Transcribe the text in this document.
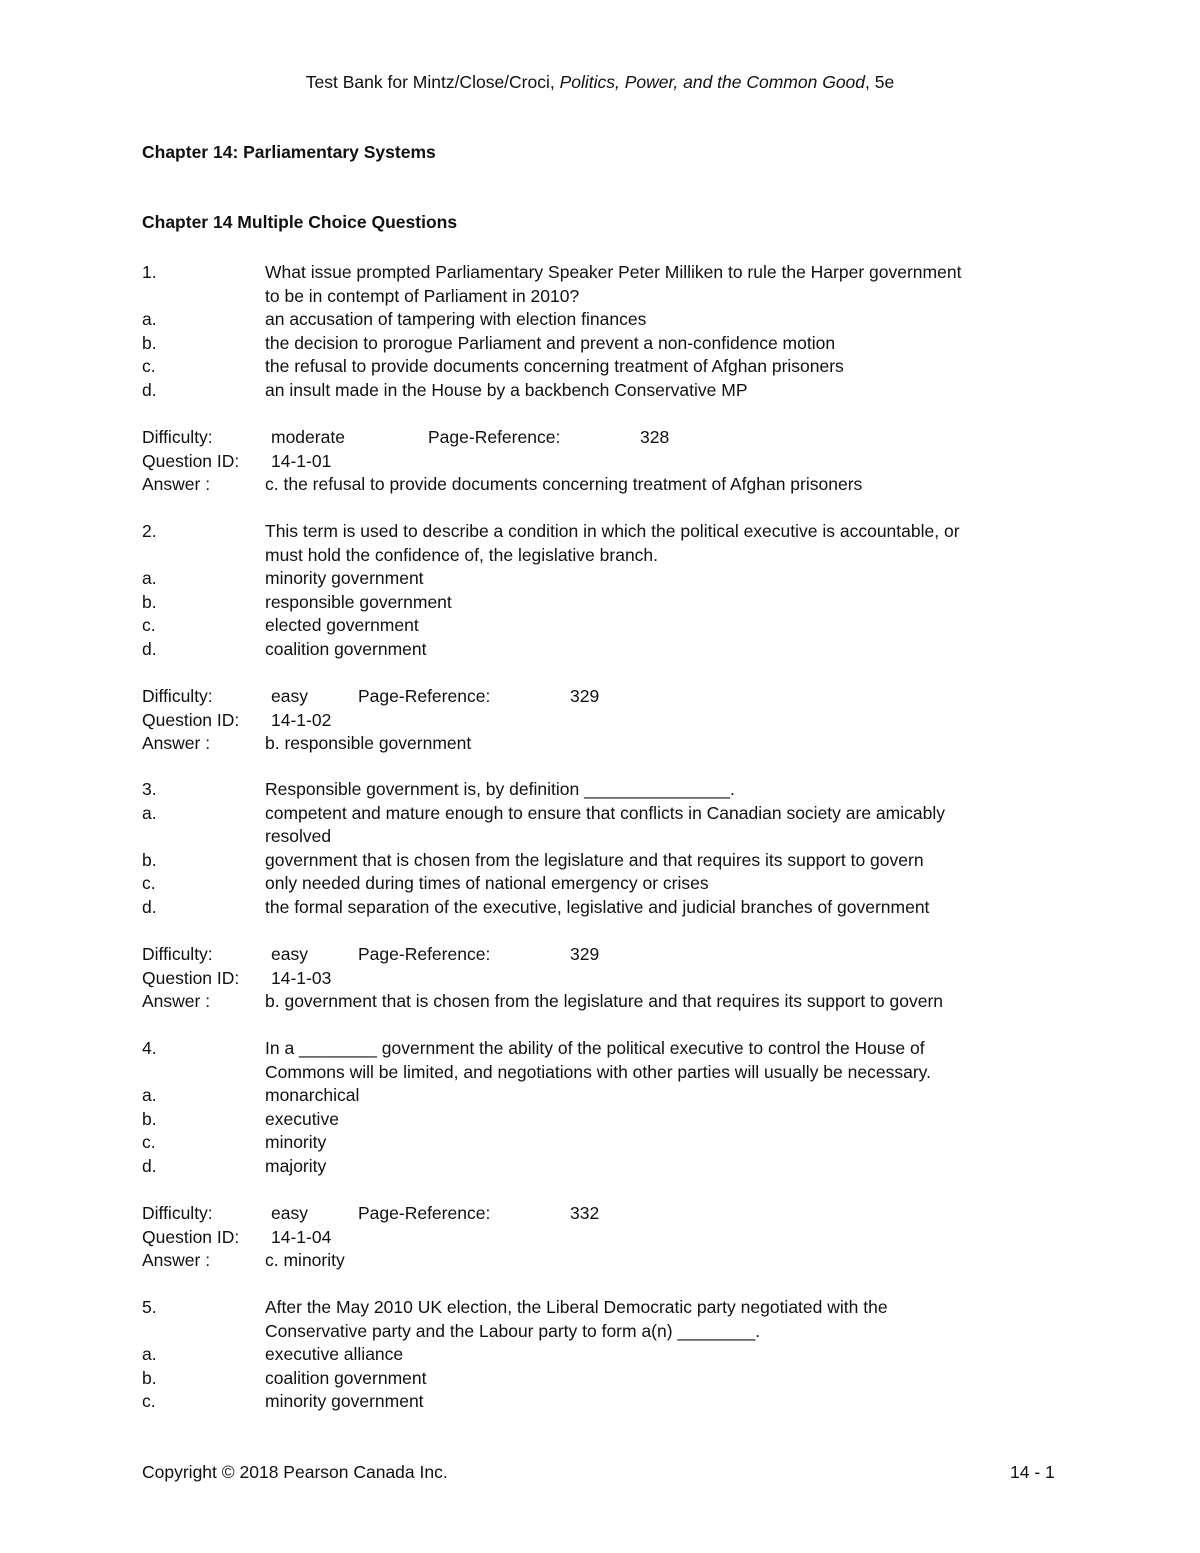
Test Bank for Mintz/Close/Croci, Politics, Power, and the Common Good, 5e
Chapter 14: Parliamentary Systems
Chapter 14 Multiple Choice Questions
1.	What issue prompted Parliamentary Speaker Peter Milliken to rule the Harper government
to be in contempt of Parliament in 2010?
a.	an accusation of tampering with election finances
b.	the decision to prorogue Parliament and prevent a non-confidence motion
c.	the refusal to provide documents concerning treatment of Afghan prisoners
d.	an insult made in the House by a backbench Conservative MP
Difficulty:	moderate	Page-Reference:	328
Question ID: 14-1-01
Answer :	c. the refusal to provide documents concerning treatment of Afghan prisoners
2.	This term is used to describe a condition in which the political executive is accountable, or
must hold the confidence of, the legislative branch.
a.	minority government
b.	responsible government
c.	elected government
d.	coalition government
Difficulty:	easy	Page-Reference:	329
Question ID: 14-1-02
Answer :	b. responsible government
3.	Responsible government is, by definition _______________.
a.	competent and mature enough to ensure that conflicts in Canadian society are amicably
resolved
b.	government that is chosen from the legislature and that requires its support to govern
c.	only needed during times of national emergency or crises
d.	the formal separation of the executive, legislative and judicial branches of government
Difficulty:	easy	Page-Reference:	329
Question ID: 14-1-03
Answer :	b. government that is chosen from the legislature and that requires its support to govern
4.	In a ________ government the ability of the political executive to control the House of
Commons will be limited, and negotiations with other parties will usually be necessary.
a.	monarchical
b.	executive
c.	minority
d.	majority
Difficulty:	easy	Page-Reference:	332
Question ID: 14-1-04
Answer :	c. minority
5.	After the May 2010 UK election, the Liberal Democratic party negotiated with the
Conservative party and the Labour party to form a(n) ________.
a.	executive alliance
b.	coalition government
c.	minority government
Copyright © 2018 Pearson Canada Inc.	14 - 1
